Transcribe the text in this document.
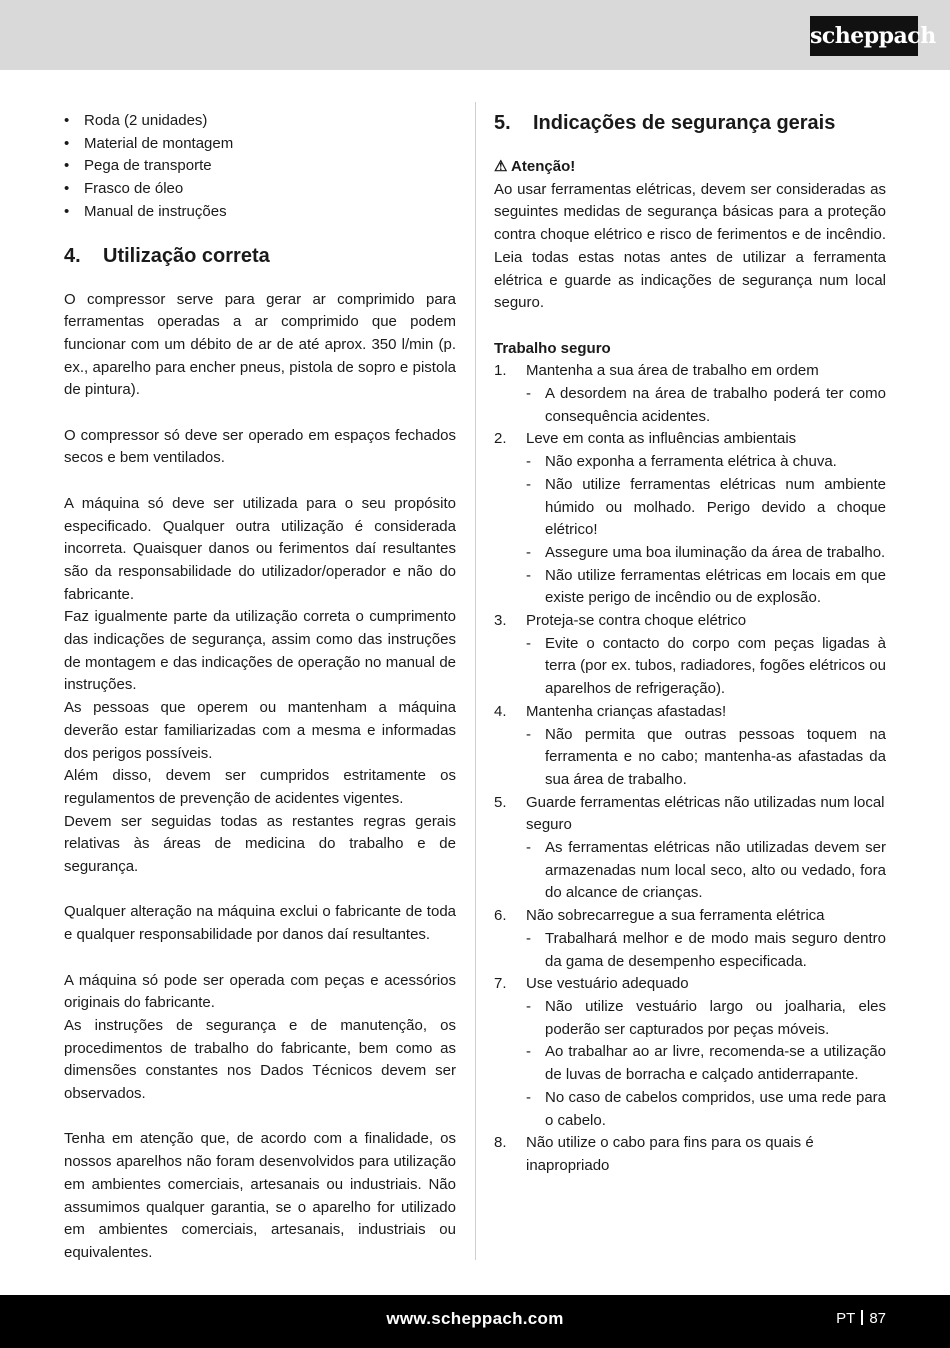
scheppach
• Roda (2 unidades)
• Material de montagem
• Pega de transporte
• Frasco de óleo
• Manual de instruções
4. Utilização correta

O compressor serve para gerar ar comprimido para ferramentas operadas a ar comprimido que podem funcionar com um débito de ar de até aprox. 350 l/min (p. ex., aparelho para encher pneus, pistola de sopro e pistola de pintura).

O compressor só deve ser operado em espaços fechados secos e bem ventilados.

A máquina só deve ser utilizada para o seu propósito especificado. Qualquer outra utilização é considerada incorreta. Quaisquer danos ou ferimentos daí resultantes são da responsabilidade do utilizador/operador e não do fabricante.

Faz igualmente parte da utilização correta o cumprimento das indicações de segurança, assim como das instruções de montagem e das indicações de operação no manual de instruções.

As pessoas que operem ou mantenham a máquina deverão estar familiarizadas com a mesma e informadas dos perigos possíveis.

Além disso, devem ser cumpridos estritamente os regulamentos de prevenção de acidentes vigentes.

Devem ser seguidas todas as restantes regras gerais relativas às áreas de medicina do trabalho e de segurança.

Qualquer alteração na máquina exclui o fabricante de toda e qualquer responsabilidade por danos daí resultantes.

A máquina só pode ser operada com peças e acessórios originais do fabricante.

As instruções de segurança e de manutenção, os procedimentos de trabalho do fabricante, bem como as dimensões constantes nos Dados Técnicos devem ser observados.

Tenha em atenção que, de acordo com a finalidade, os nossos aparelhos não foram desenvolvidos para utilização em ambientes comerciais, artesanais ou industriais. Não assumimos qualquer garantia, se o aparelho for utilizado em ambientes comerciais, artesanais, industriais ou equivalentes.

5. Indicações de segurança gerais
⚠ Atenção!

Ao usar ferramentas elétricas, devem ser consideradas as seguintes medidas de segurança básicas para a proteção contra choque elétrico e risco de ferimentos e de incêndio. Leia todas estas notas antes de utilizar a ferramenta elétrica e guarde as indicações de segurança num local seguro.

Trabalho seguro
1. Mantenha a sua área de trabalho em ordem
- A desordem na área de trabalho poderá ter como consequência acidentes.
2. Leve em conta as influências ambientais
- Não exponha a ferramenta elétrica à chuva.
- Não utilize ferramentas elétricas num ambiente húmido ou molhado. Perigo devido a choque elétrico!
- Assegure uma boa iluminação da área de trabalho.
- Não utilize ferramentas elétricas em locais em que existe perigo de incêndio ou de explosão.
3. Proteja-se contra choque elétrico
- Evite o contacto do corpo com peças ligadas à terra (por ex. tubos, radiadores, fogões elétricos ou aparelhos de refrigeração).
4. Mantenha crianças afastadas!
- Não permita que outras pessoas toquem na ferramenta e no cabo; mantenha-as afastadas da sua área de trabalho.
5. Guarde ferramentas elétricas não utilizadas num local seguro
- As ferramentas elétricas não utilizadas devem ser armazenadas num local seco, alto ou vedado, fora do alcance de crianças.
6. Não sobrecarregue a sua ferramenta elétrica
- Trabalhará melhor e de modo mais seguro dentro da gama de desempenho especificada.
7. Use vestuário adequado
- Não utilize vestuário largo ou joalharia, eles poderão ser capturados por peças móveis.
- Ao trabalhar ao ar livre, recomenda-se a utilização de luvas de borracha e calçado antiderrapante.
- No caso de cabelos compridos, use uma rede para o cabelo.
8. Não utilize o cabo para fins para os quais é inapropriado
www.scheppach.com	PT 87
